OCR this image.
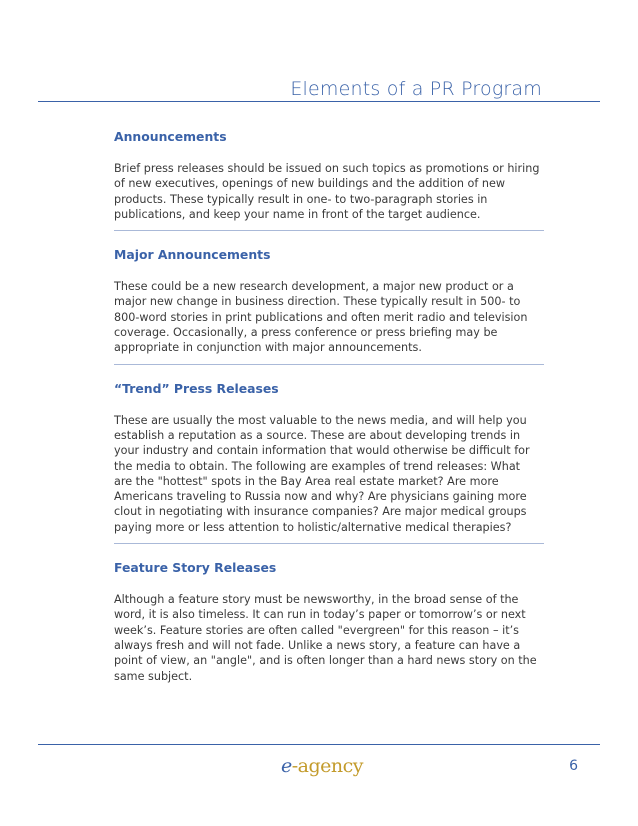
Elements of a PR Program
Announcements

Brief press releases should be issued on such topics as promotions or hiring
of new executives, openings of new buildings and the addition of new
products. These typically result in one- to two-paragraph stories in
publications, and keep your name in front of the target audience.

Major Announcements

These could be a new research development, a major new product or a
major new change in business direction. These typically result in 500- to
800-word stories in print publications and often merit radio and television
coverage. Occasionally, a press conference or press briefing may be
appropriate in conjunction with major announcements.

“Trend” Press Releases

These are usually the most valuable to the news media, and will help you
establish a reputation as a source. These are about developing trends in
your industry and contain information that would otherwise be difficult for
the media to obtain. The following are examples of trend releases: What
are the "hottest" spots in the Bay Area real estate market? Are more
Americans traveling to Russia now and why? Are physicians gaining more
clout in negotiating with insurance companies? Are major medical groups
paying more or less attention to holistic/alternative medical therapies?

Feature Story Releases

Although a feature story must be newsworthy, in the broad sense of the
word, it is also timeless. It can run in today’s paper or tomorrow’s or next
week’s. Feature stories are often called "evergreen" for this reason – it’s
always fresh and will not fade. Unlike a news story, a feature can have a
point of view, an "angle", and is often longer than a hard news story on the
same subject.

e-agency	6
